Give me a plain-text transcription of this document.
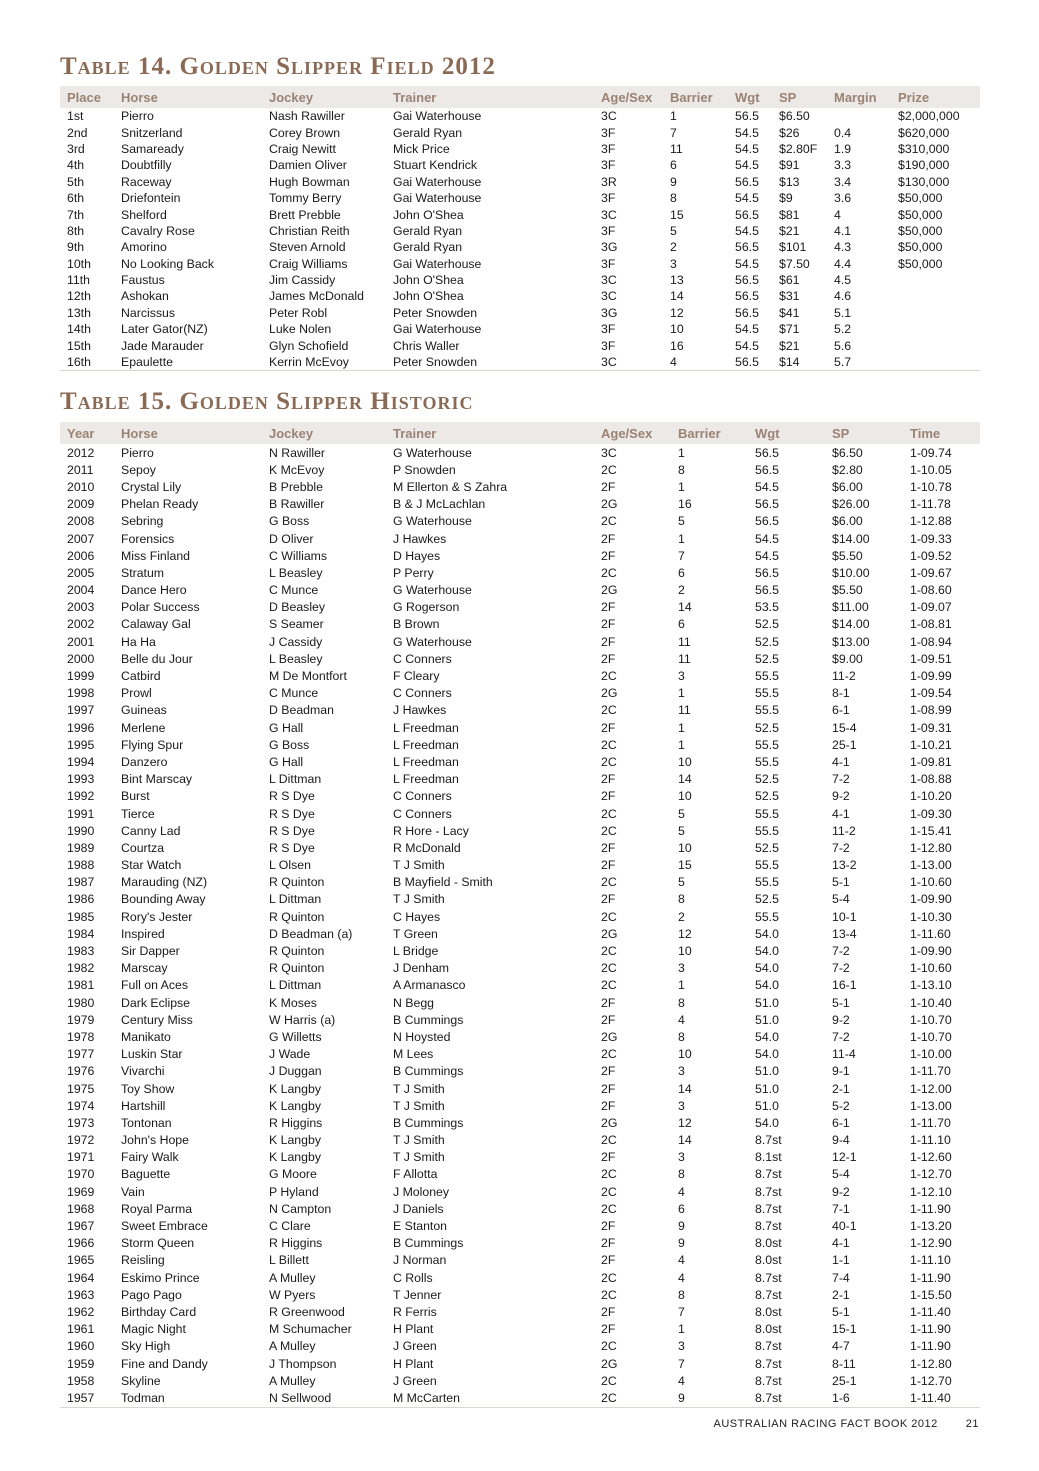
Table 14. Golden Slipper Field 2012
Place	Horse	Jockey	Trainer	Age/Sex	Barrier	Wgt	SP	Margin	Prize
1st	Pierro	Nash Rawiller	Gai Waterhouse	3C	1	56.5	$6.50		$2,000,000
2nd	Snitzerland	Corey Brown	Gerald Ryan	3F	7	54.5	$26	0.4	$620,000
3rd	Samaready	Craig Newitt	Mick Price	3F	11	54.5	$2.80F	1.9	$310,000
4th	Doubtfilly	Damien Oliver	Stuart Kendrick	3F	6	54.5	$91	3.3	$190,000
5th	Raceway	Hugh Bowman	Gai Waterhouse	3R	9	56.5	$13	3.4	$130,000
6th	Driefontein	Tommy Berry	Gai Waterhouse	3F	8	54.5	$9	3.6	$50,000
7th	Shelford	Brett Prebble	John O'Shea	3C	15	56.5	$81	4	$50,000
8th	Cavalry Rose	Christian Reith	Gerald Ryan	3F	5	54.5	$21	4.1	$50,000
9th	Amorino	Steven Arnold	Gerald Ryan	3G	2	56.5	$101	4.3	$50,000
10th	No Looking Back	Craig Williams	Gai Waterhouse	3F	3	54.5	$7.50	4.4	$50,000
11th	Faustus	Jim Cassidy	John O'Shea	3C	13	56.5	$61	4.5	
12th	Ashokan	James McDonald	John O'Shea	3C	14	56.5	$31	4.6	
13th	Narcissus	Peter Robl	Peter Snowden	3G	12	56.5	$41	5.1	
14th	Later Gator(NZ)	Luke Nolen	Gai Waterhouse	3F	10	54.5	$71	5.2	
15th	Jade Marauder	Glyn Schofield	Chris Waller	3F	16	54.5	$21	5.6	
16th	Epaulette	Kerrin McEvoy	Peter Snowden	3C	4	56.5	$14	5.7	
Table 15. Golden Slipper Historic
Year	Horse	Jockey	Trainer	Age/Sex	Barrier	Wgt	SP	Time
2012	Pierro	N Rawiller	G Waterhouse	3C	1	56.5	$6.50	1-09.74
2011	Sepoy	K McEvoy	P Snowden	2C	8	56.5	$2.80	1-10.05
2010	Crystal Lily	B Prebble	M Ellerton & S Zahra	2F	1	54.5	$6.00	1-10.78
2009	Phelan Ready	B Rawiller	B & J McLachlan	2G	16	56.5	$26.00	1-11.78
2008	Sebring	G Boss	G Waterhouse	2C	5	56.5	$6.00	1-12.88
2007	Forensics	D Oliver	J Hawkes	2F	1	54.5	$14.00	1-09.33
2006	Miss Finland	C Williams	D Hayes	2F	7	54.5	$5.50	1-09.52
2005	Stratum	L Beasley	P Perry	2C	6	56.5	$10.00	1-09.67
2004	Dance Hero	C Munce	G Waterhouse	2G	2	56.5	$5.50	1-08.60
2003	Polar Success	D Beasley	G Rogerson	2F	14	53.5	$11.00	1-09.07
2002	Calaway Gal	S Seamer	B Brown	2F	6	52.5	$14.00	1-08.81
2001	Ha Ha	J Cassidy	G Waterhouse	2F	11	52.5	$13.00	1-08.94
2000	Belle du Jour	L Beasley	C Conners	2F	11	52.5	$9.00	1-09.51
1999	Catbird	M De Montfort	F Cleary	2C	3	55.5	11-2	1-09.99
1998	Prowl	C Munce	C Conners	2G	1	55.5	8-1	1-09.54
1997	Guineas	D Beadman	J Hawkes	2C	11	55.5	6-1	1-08.99
1996	Merlene	G Hall	L Freedman	2F	1	52.5	15-4	1-09.31
1995	Flying Spur	G Boss	L Freedman	2C	1	55.5	25-1	1-10.21
1994	Danzero	G Hall	L Freedman	2C	10	55.5	4-1	1-09.81
1993	Bint Marscay	L Dittman	L Freedman	2F	14	52.5	7-2	1-08.88
1992	Burst	R S Dye	C Conners	2F	10	52.5	9-2	1-10.20
1991	Tierce	R S Dye	C Conners	2C	5	55.5	4-1	1-09.30
1990	Canny Lad	R S Dye	R Hore - Lacy	2C	5	55.5	11-2	1-15.41
1989	Courtza	R S Dye	R McDonald	2F	10	52.5	7-2	1-12.80
1988	Star Watch	L Olsen	T J Smith	2F	15	55.5	13-2	1-13.00
1987	Marauding (NZ)	R Quinton	B Mayfield - Smith	2C	5	55.5	5-1	1-10.60
1986	Bounding Away	L Dittman	T J Smith	2F	8	52.5	5-4	1-09.90
1985	Rory's Jester	R Quinton	C Hayes	2C	2	55.5	10-1	1-10.30
1984	Inspired	D Beadman (a)	T Green	2G	12	54.0	13-4	1-11.60
1983	Sir Dapper	R Quinton	L Bridge	2C	10	54.0	7-2	1-09.90
1982	Marscay	R Quinton	J Denham	2C	3	54.0	7-2	1-10.60
1981	Full on Aces	L Dittman	A Armanasco	2C	1	54.0	16-1	1-13.10
1980	Dark Eclipse	K Moses	N Begg	2F	8	51.0	5-1	1-10.40
1979	Century Miss	W Harris (a)	B Cummings	2F	4	51.0	9-2	1-10.70
1978	Manikato	G Willetts	N Hoysted	2G	8	54.0	7-2	1-10.70
1977	Luskin Star	J Wade	M Lees	2C	10	54.0	11-4	1-10.00
1976	Vivarchi	J Duggan	B Cummings	2F	3	51.0	9-1	1-11.70
1975	Toy Show	K Langby	T J Smith	2F	14	51.0	2-1	1-12.00
1974	Hartshill	K Langby	T J Smith	2F	3	51.0	5-2	1-13.00
1973	Tontonan	R Higgins	B Cummings	2G	12	54.0	6-1	1-11.70
1972	John's Hope	K Langby	T J Smith	2C	14	8.7st	9-4	1-11.10
1971	Fairy Walk	K Langby	T J Smith	2F	3	8.1st	12-1	1-12.60
1970	Baguette	G Moore	F Allotta	2C	8	8.7st	5-4	1-12.70
1969	Vain	P Hyland	J Moloney	2C	4	8.7st	9-2	1-12.10
1968	Royal Parma	N Campton	J Daniels	2C	6	8.7st	7-1	1-11.90
1967	Sweet Embrace	C Clare	E Stanton	2F	9	8.7st	40-1	1-13.20
1966	Storm Queen	R Higgins	B Cummings	2F	9	8.0st	4-1	1-12.90
1965	Reisling	L Billett	J Norman	2F	4	8.0st	1-1	1-11.10
1964	Eskimo Prince	A Mulley	C Rolls	2C	4	8.7st	7-4	1-11.90
1963	Pago Pago	W Pyers	T Jenner	2C	8	8.7st	2-1	1-15.50
1962	Birthday Card	R Greenwood	R Ferris	2F	7	8.0st	5-1	1-11.40
1961	Magic Night	M Schumacher	H Plant	2F	1	8.0st	15-1	1-11.90
1960	Sky High	A Mulley	J Green	2C	3	8.7st	4-7	1-11.90
1959	Fine and Dandy	J Thompson	H Plant	2G	7	8.7st	8-11	1-12.80
1958	Skyline	A Mulley	J Green	2C	4	8.7st	25-1	1-12.70
1957	Todman	N Sellwood	M McCarten	2C	9	8.7st	1-6	1-11.40
AUSTRALIAN RACING FACT BOOK 2012	21
